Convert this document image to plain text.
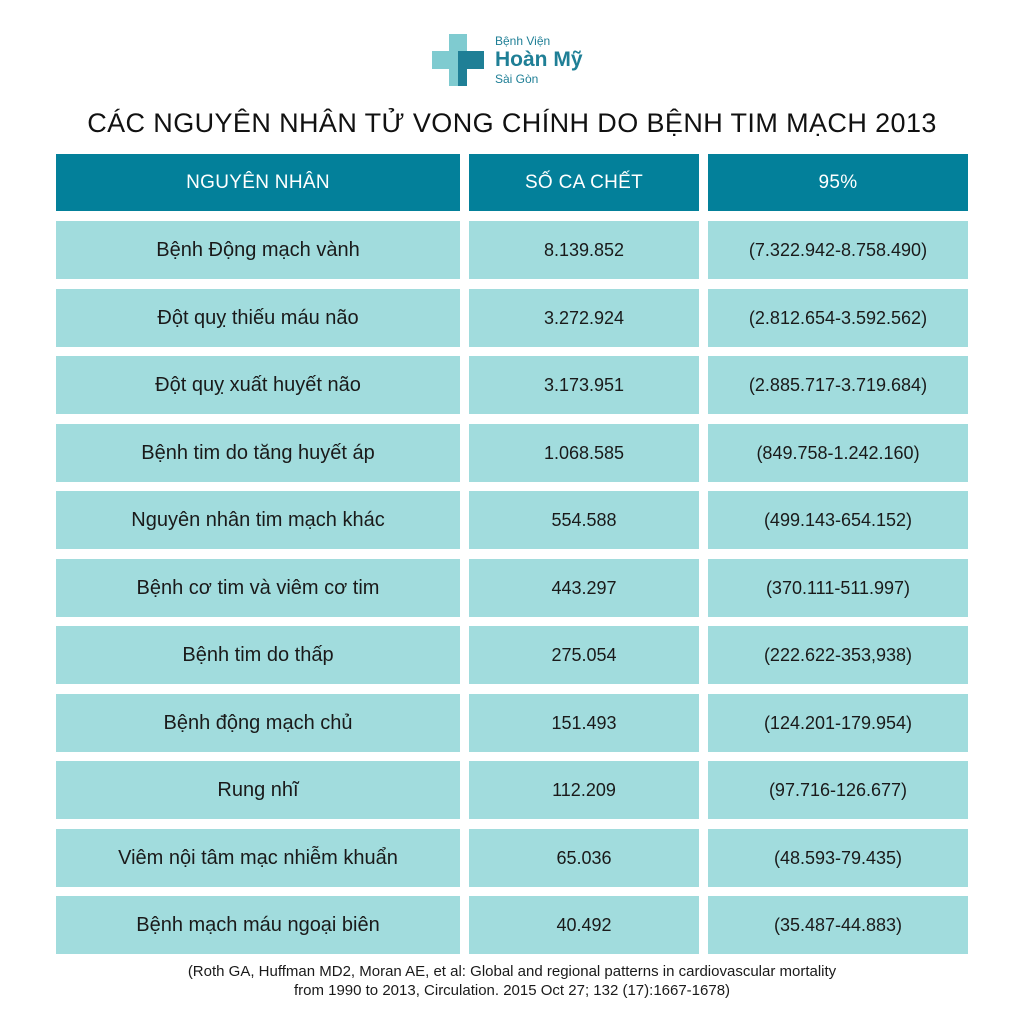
Bệnh Viện
Hoàn Mỹ
Sài Gòn
CÁC NGUYÊN NHÂN TỬ VONG CHÍNH DO BỆNH TIM MẠCH 2013
NGUYÊN NHÂN	SỐ CA CHẾT	95%
Bệnh Động mạch vành	8.139.852	(7.322.942-8.758.490)
Đột quỵ thiếu máu não	3.272.924	(2.812.654-3.592.562)
Đột quỵ xuất huyết não	3.173.951	(2.885.717-3.719.684)
Bệnh tim do tăng huyết áp	1.068.585	(849.758-1.242.160)
Nguyên nhân tim mạch khác	554.588	(499.143-654.152)
Bệnh cơ tim và viêm cơ tim	443.297	(370.111-511.997)
Bệnh tim do thấp	275.054	(222.622-353,938)
Bệnh động mạch chủ	151.493	(124.201-179.954)
Rung nhĩ	112.209	(97.716-126.677)
Viêm nội tâm mạc nhiễm khuẩn	65.036	(48.593-79.435)
Bệnh mạch máu ngoại biên	40.492	(35.487-44.883)
(Roth GA, Huffman MD2, Moran AE, et al: Global and regional patterns in cardiovascular mortality
from 1990 to 2013, Circulation. 2015 Oct 27; 132 (17):1667-1678)
